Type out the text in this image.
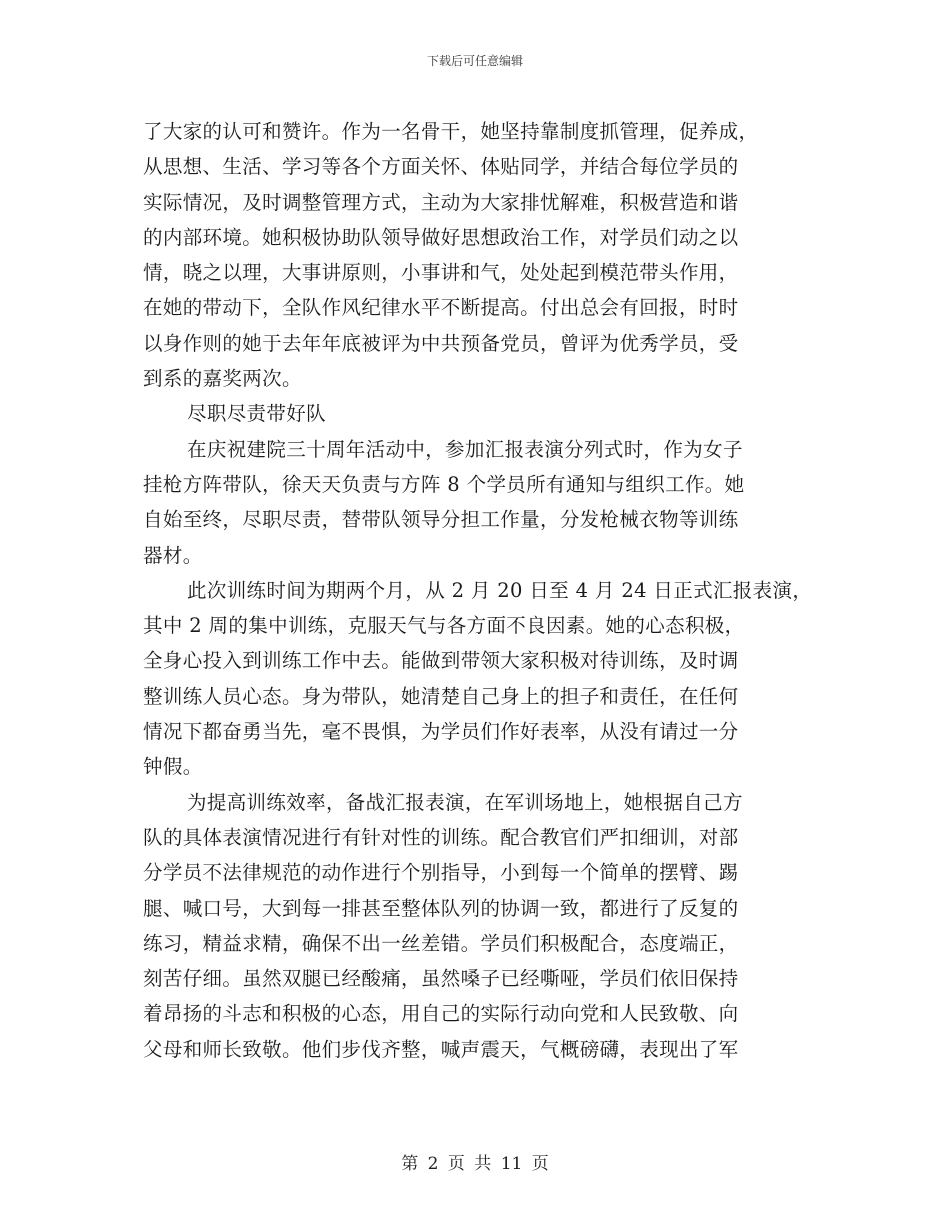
下载后可任意编辑
了大家的认可和赞许。作为一名骨干，她坚持靠制度抓管理，促养成，
从思想、生活、学习等各个方面关怀、体贴同学，并结合每位学员的
实际情况，及时调整管理方式，主动为大家排忧解难，积极营造和谐
的内部环境。她积极协助队领导做好思想政治工作，对学员们动之以
情，晓之以理，大事讲原则，小事讲和气，处处起到模范带头作用，
在她的带动下，全队作风纪律水平不断提高。付出总会有回报，时时
以身作则的她于去年年底被评为中共预备党员，曾评为优秀学员，受
到系的嘉奖两次。
尽职尽责带好队
在庆祝建院三十周年活动中，参加汇报表演分列式时，作为女子
挂枪方阵带队，徐天天负责与方阵 8 个学员所有通知与组织工作。她
自始至终，尽职尽责，替带队领导分担工作量，分发枪械衣物等训练
器材。
此次训练时间为期两个月，从 2 月 20 日至 4 月 24 日正式汇报表演，
其中 2 周的集中训练，克服天气与各方面不良因素。她的心态积极，
全身心投入到训练工作中去。能做到带领大家积极对待训练，及时调
整训练人员心态。身为带队，她清楚自己身上的担子和责任，在任何
情况下都奋勇当先，毫不畏惧，为学员们作好表率，从没有请过一分
钟假。
为提高训练效率，备战汇报表演，在军训场地上，她根据自己方
队的具体表演情况进行有针对性的训练。配合教官们严扣细训，对部
分学员不法律规范的动作进行个别指导，小到每一个简单的摆臂、踢
腿、喊口号，大到每一排甚至整体队列的协调一致，都进行了反复的
练习，精益求精，确保不出一丝差错。学员们积极配合，态度端正，
刻苦仔细。虽然双腿已经酸痛，虽然嗓子已经嘶哑，学员们依旧保持
着昂扬的斗志和积极的心态，用自己的实际行动向党和人民致敬、向
父母和师长致敬。他们步伐齐整，喊声震天，气概磅礴，表现出了军
第 2 页 共 11 页
